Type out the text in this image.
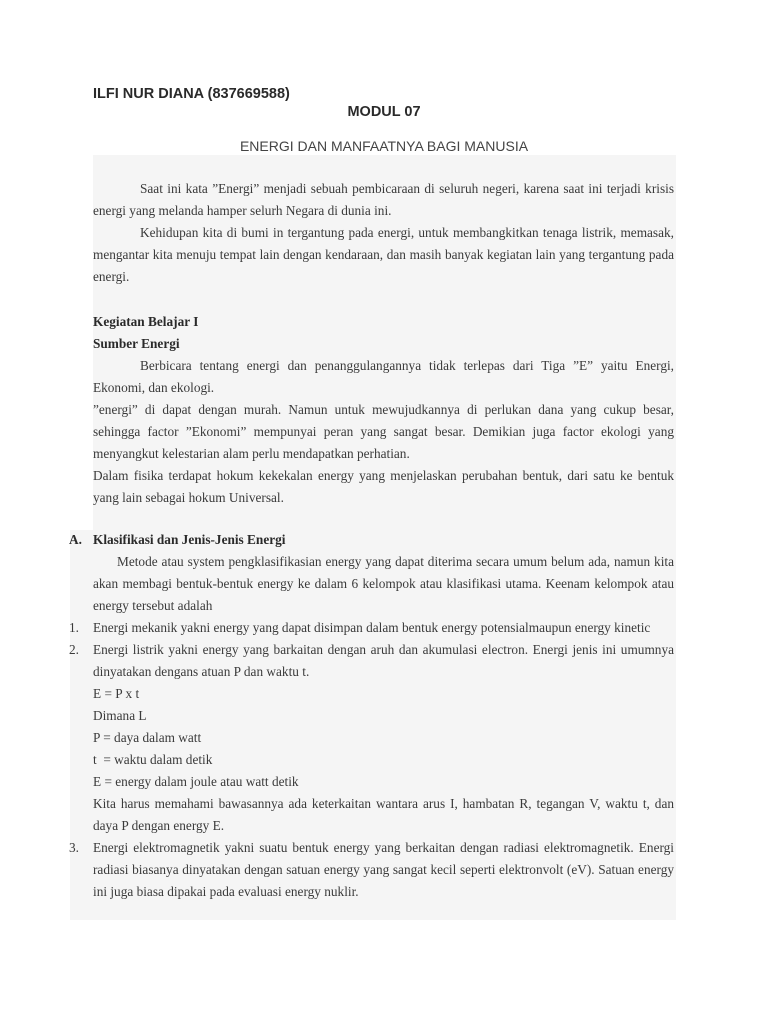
ILFI NUR DIANA (837669588)
MODUL 07
ENERGI DAN MANFAATNYA BAGI MANUSIA

Saat ini kata ”Energi” menjadi sebuah pembicaraan di seluruh negeri, karena saat ini terjadi krisis energi yang melanda hamper selurh Negara di dunia ini.

Kehidupan kita di bumi in tergantung pada energi, untuk membangkitkan tenaga listrik, memasak, mengantar kita menuju tempat lain dengan kendaraan, dan masih banyak kegiatan lain yang tergantung pada energi.

Kegiatan Belajar I

Sumber Energi

Berbicara tentang energi dan penanggulangannya tidak terlepas dari Tiga ”E” yaitu Energi, Ekonomi, dan ekologi.

”energi” di dapat dengan murah. Namun untuk mewujudkannya di perlukan dana yang cukup besar, sehingga factor ”Ekonomi” mempunyai peran yang sangat besar. Demikian juga factor ekologi yang menyangkut kelestarian alam perlu mendapatkan perhatian.

Dalam fisika terdapat hokum kekekalan energy yang menjelaskan perubahan bentuk, dari satu ke bentuk yang lain sebagai hokum Universal.

A. Klasifikasi dan Jenis-Jenis Energi

Metode atau system pengklasifikasian energy yang dapat diterima secara umum belum ada, namun kita akan membagi bentuk-bentuk energy ke dalam 6 kelompok atau klasifikasi utama. Keenam kelompok atau energy tersebut adalah

1. Energi mekanik yakni energy yang dapat disimpan dalam bentuk energy potensialmaupun energy kinetic

2. Energi listrik yakni energy yang barkaitan dengan aruh dan akumulasi electron. Energi jenis ini umumnya dinyatakan dengans atuan P dan waktu t.

E = P x t

Dimana L

P = daya dalam watt

t  = waktu dalam detik

E = energy dalam joule atau watt detik

Kita harus memahami bawasannya ada keterkaitan wantara arus I, hambatan R, tegangan V, waktu t, dan daya P dengan energy E.

3. Energi elektromagnetik yakni suatu bentuk energy yang berkaitan dengan radiasi elektromagnetik. Energi radiasi biasanya dinyatakan dengan satuan energy yang sangat kecil seperti elektronvolt (eV). Satuan energy ini juga biasa dipakai pada evaluasi energy nuklir.
